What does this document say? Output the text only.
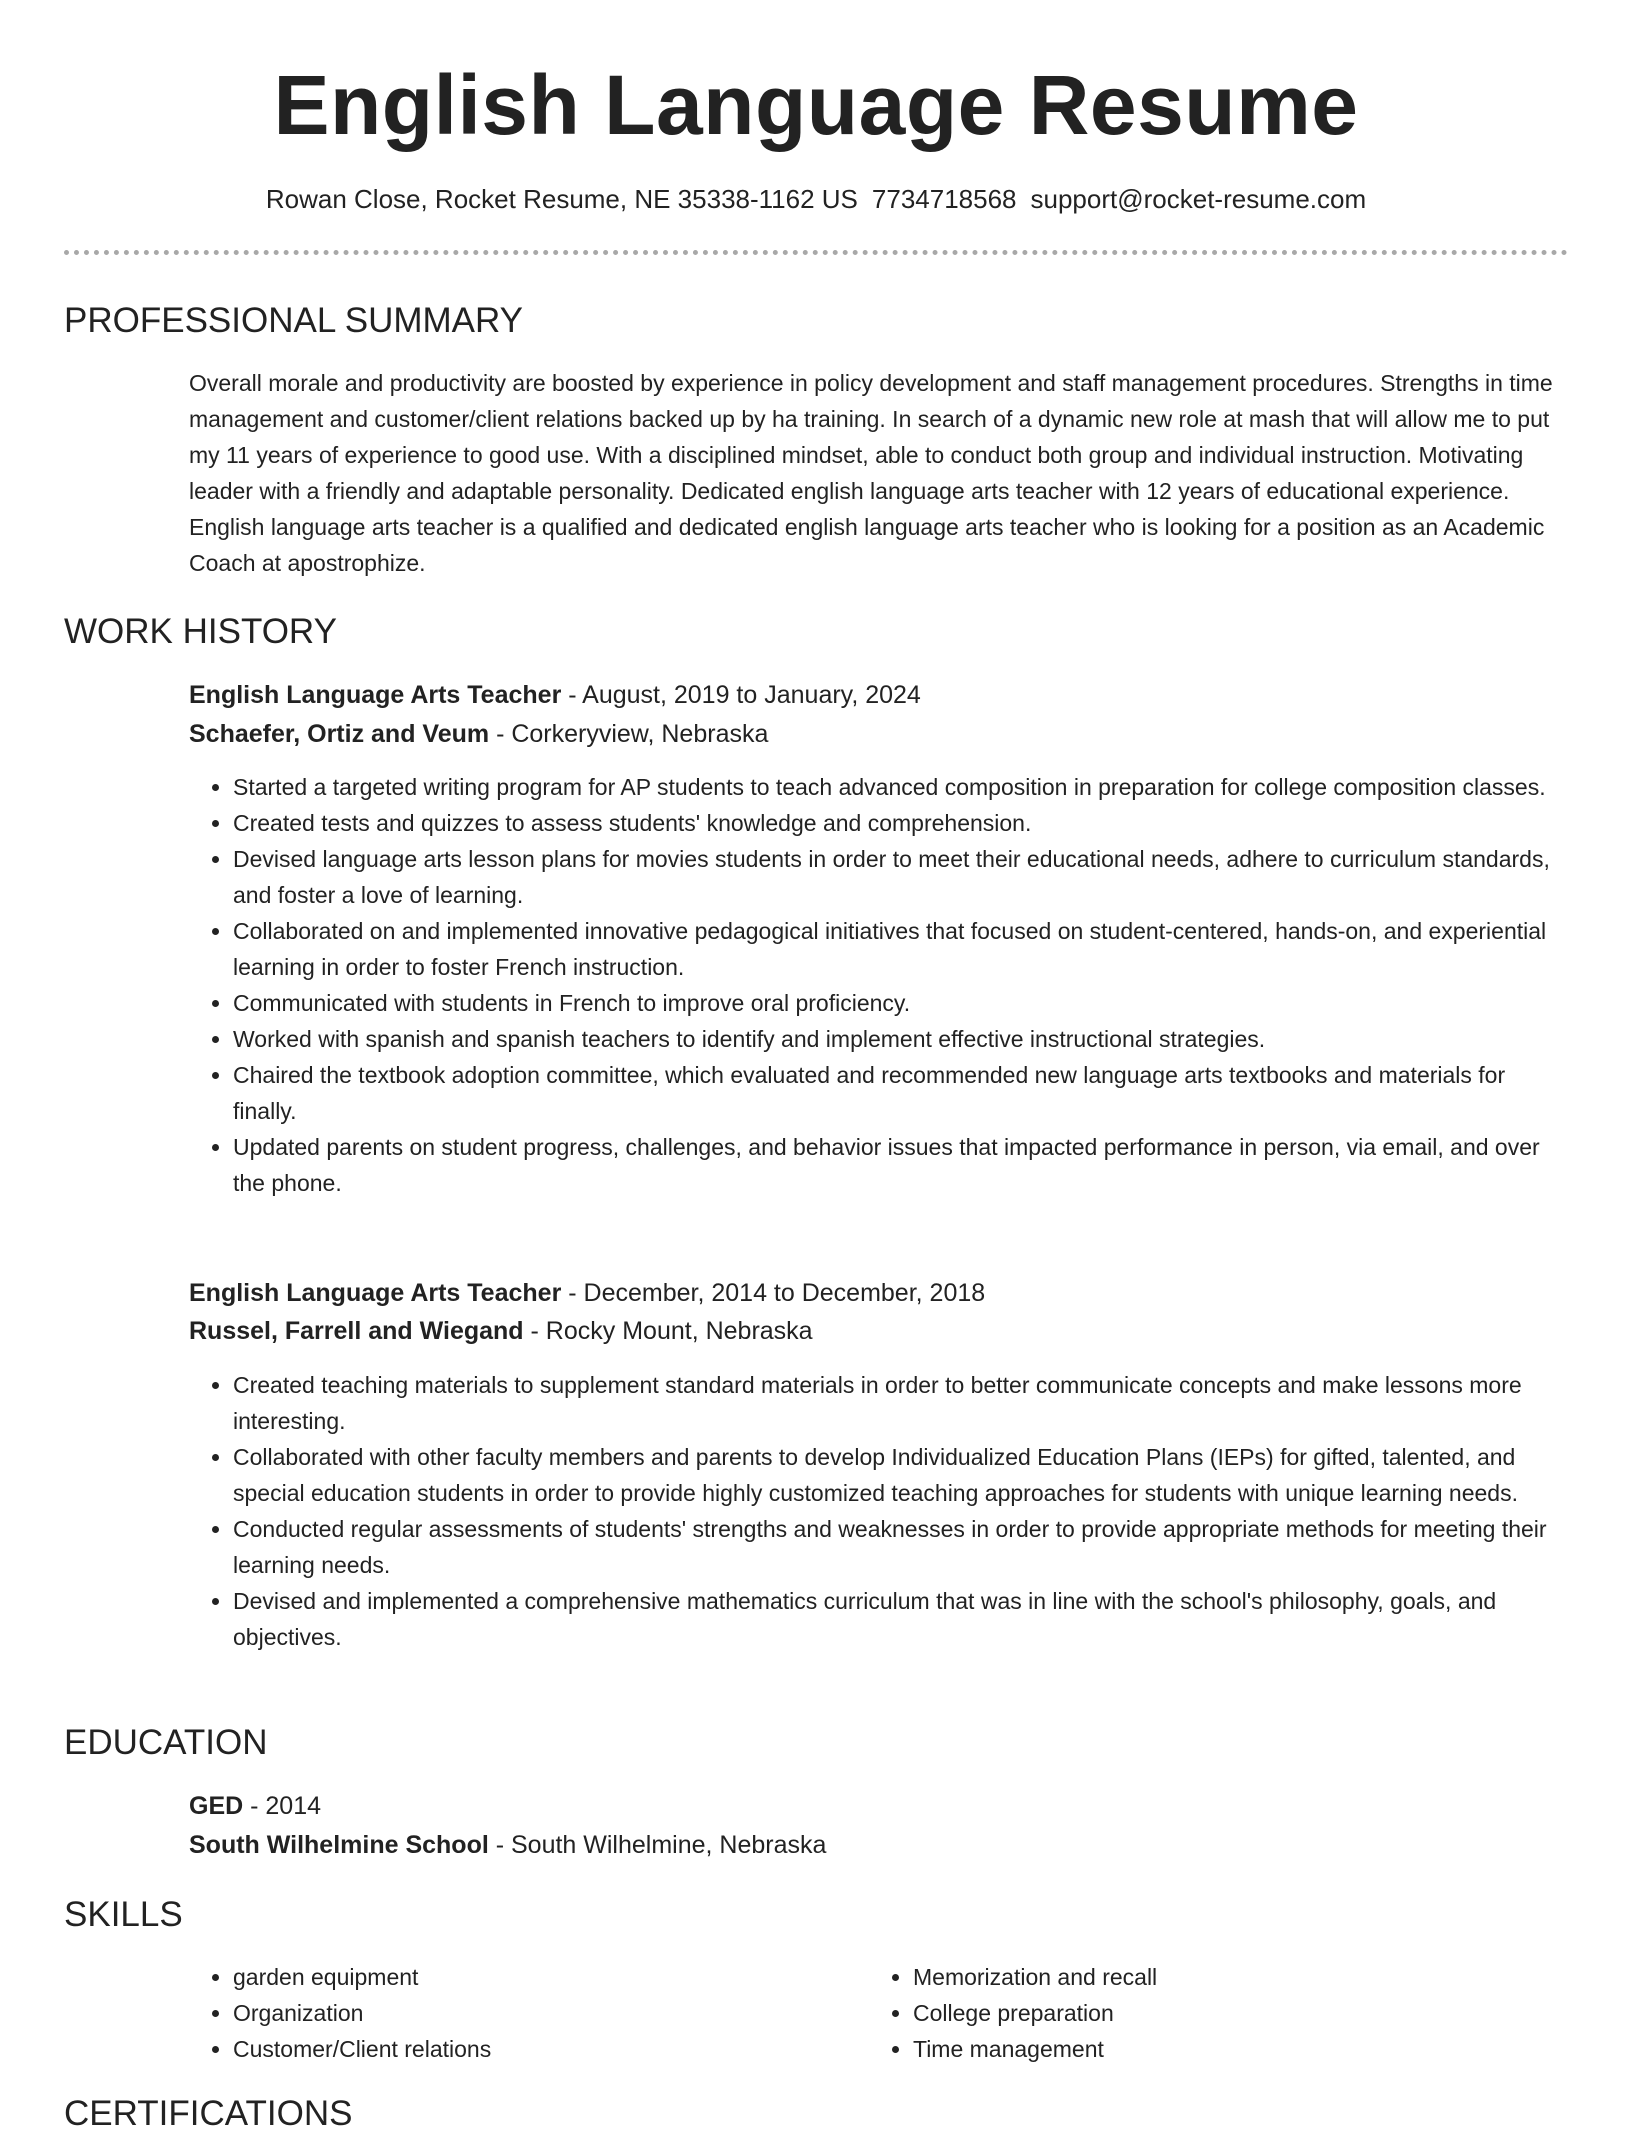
English Language Resume
Rowan Close, Rocket Resume, NE 35338-1162 US 7734718568 support@rocket-resume.com
PROFESSIONAL SUMMARY

Overall morale and productivity are boosted by experience in policy development and staff management procedures. Strengths in time management and customer/client relations backed up by ha training. In search of a dynamic new role at mash that will allow me to put my 11 years of experience to good use. With a disciplined mindset, able to conduct both group and individual instruction. Motivating leader with a friendly and adaptable personality. Dedicated english language arts teacher with 12 years of educational experience. English language arts teacher is a qualified and dedicated english language arts teacher who is looking for a position as an Academic Coach at apostrophize.

WORK HISTORY
English Language Arts Teacher - August, 2019 to January, 2024
Schaefer, Ortiz and Veum - Corkeryview, Nebraska
• Started a targeted writing program for AP students to teach advanced composition in preparation for college composition classes.
• Created tests and quizzes to assess students' knowledge and comprehension.
• Devised language arts lesson plans for movies students in order to meet their educational needs, adhere to curriculum standards, and foster a love of learning.
• Collaborated on and implemented innovative pedagogical initiatives that focused on student-centered, hands-on, and experiential learning in order to foster French instruction.
• Communicated with students in French to improve oral proficiency.
• Worked with spanish and spanish teachers to identify and implement effective instructional strategies.
• Chaired the textbook adoption committee, which evaluated and recommended new language arts textbooks and materials for finally.
• Updated parents on student progress, challenges, and behavior issues that impacted performance in person, via email, and over the phone.
English Language Arts Teacher - December, 2014 to December, 2018
Russel, Farrell and Wiegand - Rocky Mount, Nebraska
• Created teaching materials to supplement standard materials in order to better communicate concepts and make lessons more interesting.
• Collaborated with other faculty members and parents to develop Individualized Education Plans (IEPs) for gifted, talented, and special education students in order to provide highly customized teaching approaches for students with unique learning needs.
• Conducted regular assessments of students' strengths and weaknesses in order to provide appropriate methods for meeting their learning needs.
• Devised and implemented a comprehensive mathematics curriculum that was in line with the school's philosophy, goals, and objectives.
EDUCATION
GED - 2014
South Wilhelmine School - South Wilhelmine, Nebraska
SKILLS
• garden equipment
• Organization
• Customer/Client relations
• Memorization and recall
• College preparation
• Time management
CERTIFICATIONS
